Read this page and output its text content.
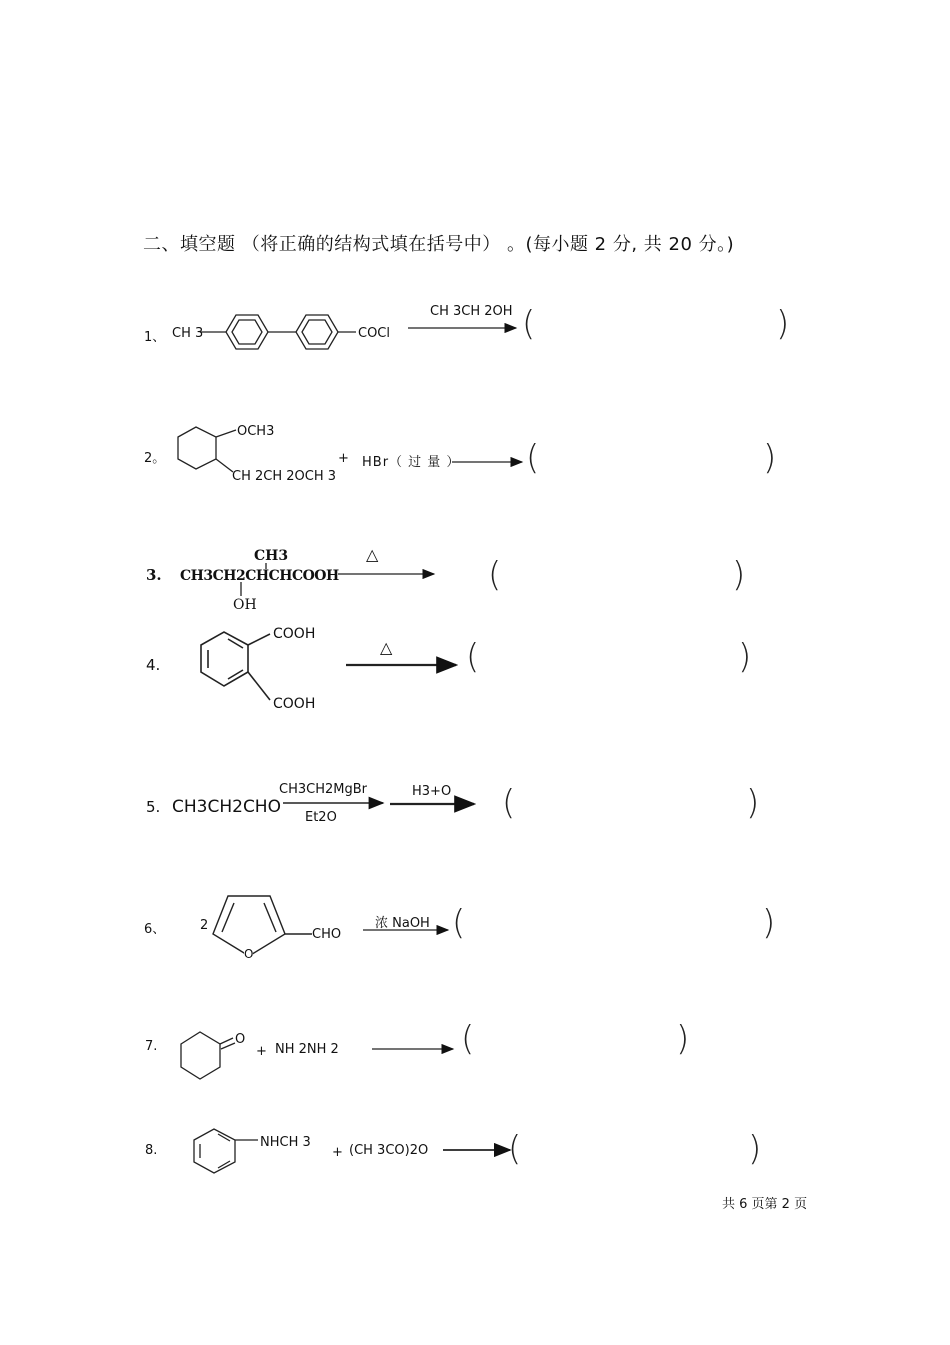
二、填空题 （将正确的结构式填在括号中） 。(每小题 2 分, 共 20 分。)
1、 CH 3	COCl
CH 3CH 2OH (	)
2。
OCH3
CH 2CH 2OCH 3
+ HBr（ 过 量 ） (	)
3.
CH3
CH3CH2CHCHCOOH
OH
△
(	)
4.
COOH
COOH
△ (	)
5. CH3CH2CHO
CH3CH2MgBr
Et2O
H3+O (	)
6、	2
O
CHO
浓 NaOH (	)
7.	O
+ NH 2NH 2	(	)
8.
NHCH 3
+ (CH 3CO)2O (	)
共 6 页第 2 页
